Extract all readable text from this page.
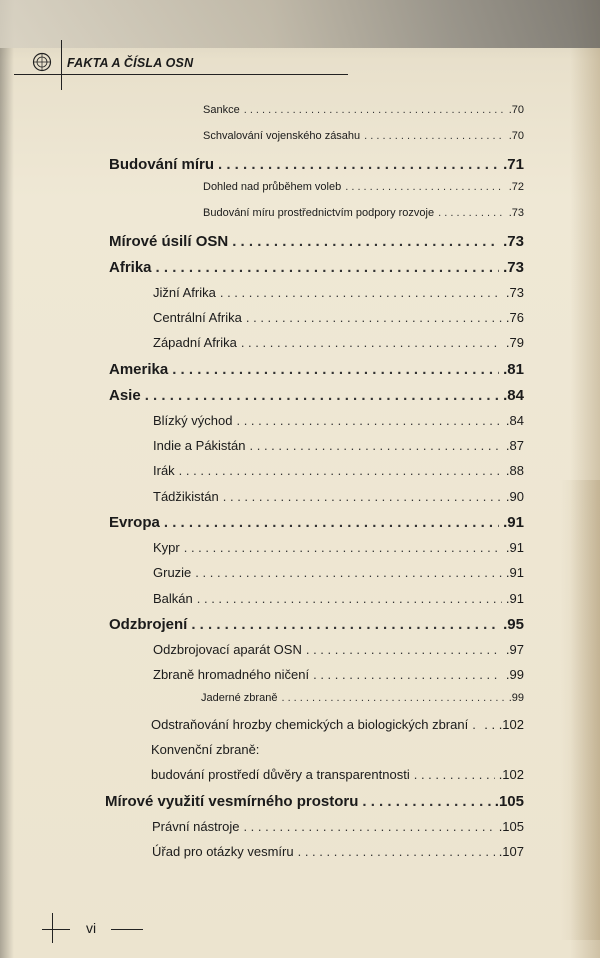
FAKTA A ČÍSLA OSN
Sankce . . .	.70
Schvalování vojenského zásahu . . .	.70
Budování míru . . .	.71
Dohled nad průběhem voleb . . .	.72
Budování míru prostřednictvím podpory rozvoje . . .	.73
Mírové úsilí OSN . . .	.73
Afrika . . .	.73
Jižní Afrika . . .	.73
Centrální Afrika . . .	.76
Západní Afrika . . .	.79
Amerika . . .	.81
Asie . . .	.84
Blízký východ . . .	.84
Indie a Pákistán . . .	.87
Irák . . .	.88
Tádžikistán . . .	.90
Evropa . . .	.91
Kypr . . .	.91
Gruzie . . .	.91
Balkán . . .	.91
Odzbrojení . . .	.95
Odzbrojovací aparát OSN . . .	.97
Zbraně hromadného ničení . . .	.99
Jaderné zbraně . . .	.99
Odstraňování hrozby chemických a biologických zbraní . . . . . .102
Konvenční zbraně:
budování prostředí důvěry a transparentnosti . . .	.102
Mírové využití vesmírného prostoru . . .	.105
Právní nástroje . . .	.105
Úřad pro otázky vesmíru . . .	.107
vi
